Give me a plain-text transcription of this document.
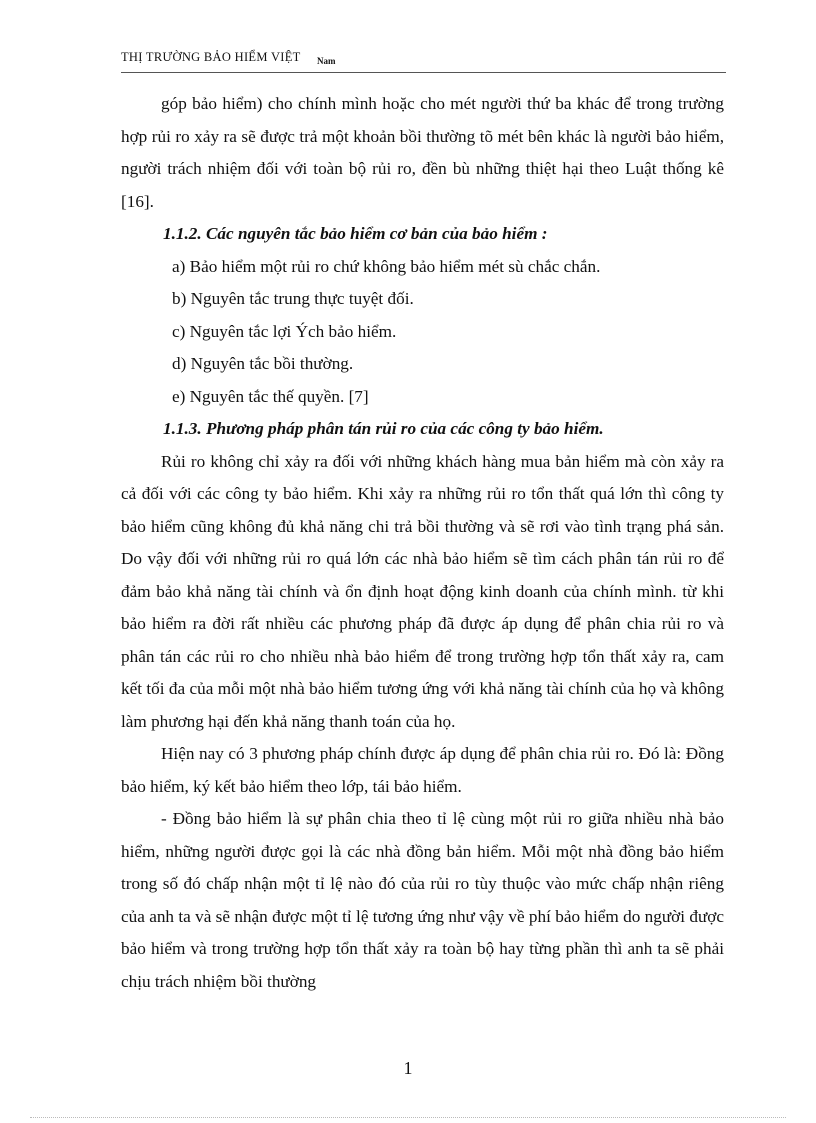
THỊ TRƯỜNG BẢO HIỂM VIỆT Nam

góp bảo hiểm) cho chính mình hoặc cho mét người thứ ba khác để trong trường hợp rủi ro xảy ra sẽ được trả một khoản bồi thường tõ mét bên khác là người bảo hiểm, người trách nhiệm đối với toàn bộ rủi ro, đền bù những thiệt hại theo Luật thống kê [16].

1.1.2. Các nguyên tắc bảo hiểm cơ bản của bảo hiểm :

a) Bảo hiểm một rủi ro chứ không bảo hiểm mét sù chắc chắn.

b) Nguyên tắc trung thực tuyệt đối.

c) Nguyên tắc lợi Ých bảo hiểm.

d) Nguyên tắc bồi thường.

e) Nguyên tắc thế quyền. [7]

1.1.3. Phương pháp phân tán rủi ro của các công ty bảo hiểm.

Rủi ro không chỉ xảy ra đối với những khách hàng mua bản hiểm mà còn xảy ra cả đối với các công ty bảo hiểm. Khi xảy ra những rủi ro tổn thất quá lớn thì công ty bảo hiểm cũng không đủ khả năng chi trả bồi thường và sẽ rơi vào tình trạng phá sản. Do vậy đối với những rủi ro quá lớn các nhà bảo hiểm sẽ tìm cách phân tán rủi ro để đảm bảo khả năng tài chính và ổn định hoạt động kinh doanh của chính mình. từ khi bảo hiểm ra đời rất nhiều các phương pháp đã được áp dụng để phân chia rủi ro và phân tán các rủi ro cho nhiều nhà bảo hiểm để trong trường hợp tổn thất xảy ra, cam kết tối đa của mỗi một nhà bảo hiểm tương ứng với khả năng tài chính của họ và không làm phương hại đến khả năng thanh toán của họ.

Hiện nay có 3 phương pháp chính được áp dụng để phân chia rủi ro. Đó là: Đồng bảo hiểm, ký kết bảo hiểm theo lớp, tái bảo hiểm.

- Đồng bảo hiểm là sự phân chia theo tỉ lệ cùng một rủi ro giữa nhiều nhà bảo hiểm, những người được gọi là các nhà đồng bản hiểm. Mỗi một nhà đồng bảo hiểm trong số đó chấp nhận một tỉ lệ nào đó của rủi ro tùy thuộc vào mức chấp nhận riêng của anh ta và sẽ nhận được một tỉ lệ tương ứng như vậy về phí bảo hiểm do người được bảo hiểm và trong trường hợp tổn thất xảy ra toàn bộ hay từng phần thì anh ta sẽ phải chịu trách nhiệm bồi thường

1
